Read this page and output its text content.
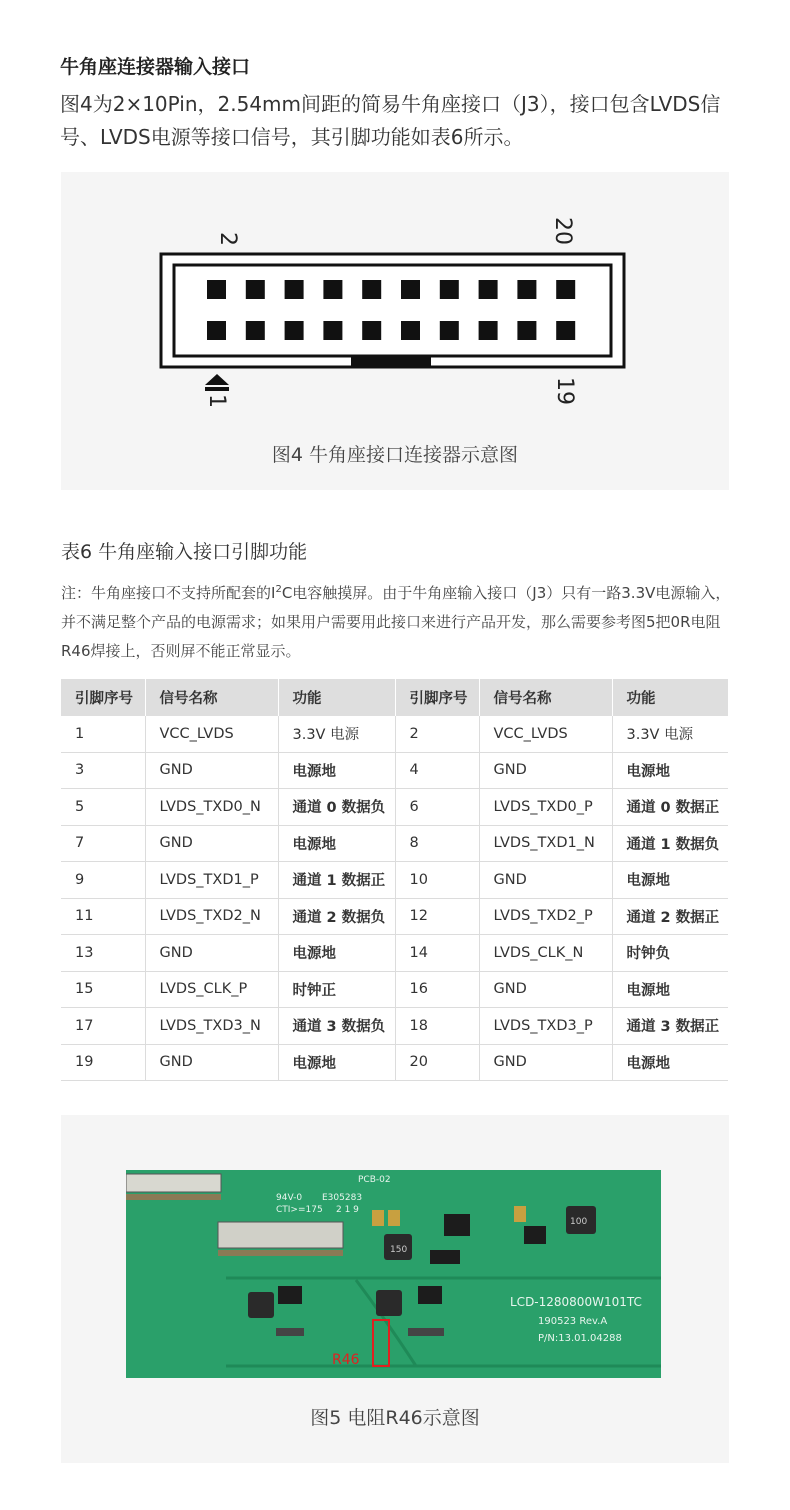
牛角座连接器输入接口

图4为2×10Pin，2.54mm间距的简易牛角座接口（J3），接口包含LVDS信号、LVDS电源等接口信号，其引脚功能如表6所示。

2	20
1	19
图4 牛角座接口连接器示意图
表6 牛角座输入接口引脚功能

注：牛角座接口不支持所配套的$I^2C$电容触摸屏。由于牛角座输入接口（J3）只有一路3.3V电源输入，并不满足整个产品的电源需求；如果用户需要用此接口来进行产品开发，那么需要参考图5把0R电阻R46焊接上，否则屏不能正常显示。

引脚序号	信号名称	功能	引脚序号	信号名称	功能
1	VCC_LVDS	3.3V 电源	2	VCC_LVDS	3.3V 电源
3	GND	电源地	4	GND	电源地
5	LVDS_TXD0_N	通道 0 数据负	6	LVDS_TXD0_P	通道 0 数据正
7	GND	电源地	8	LVDS_TXD1_N	通道 1 数据负
9	LVDS_TXD1_P	通道 1 数据正	10	GND	电源地
11	LVDS_TXD2_N	通道 2 数据负	12	LVDS_TXD2_P	通道 2 数据正
13	GND	电源地	14	LVDS_CLK_N	时钟负
15	LVDS_CLK_P	时钟正	16	GND	电源地
17	LVDS_TXD3_N	通道 3 数据负	18	LVDS_TXD3_P	通道 3 数据正
19	GND	电源地	20	GND	电源地
150
100
PCB-02
94V-0 E305283
CTI>=175 2 1 9
LCD-1280800W101TC
190523 Rev.A
P/N:13.01.04288
R46
图5 电阻R46示意图
